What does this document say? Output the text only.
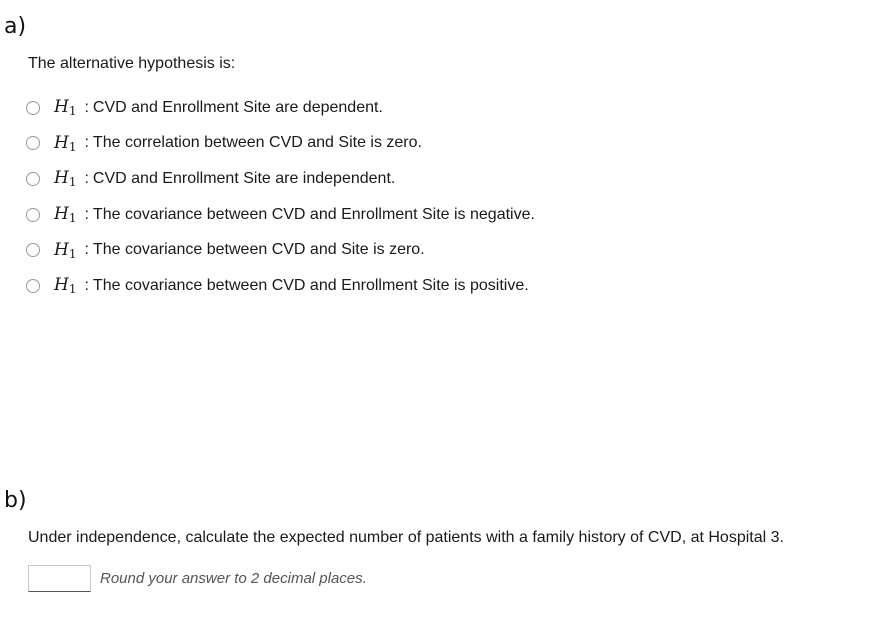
a)
The alternative hypothesis is:
$H_1$ : CVD and Enrollment Site are dependent.
$H_1$ : The correlation between CVD and Site is zero.
$H_1$ : CVD and Enrollment Site are independent.
$H_1$ : The covariance between CVD and Enrollment Site is negative.
$H_1$ : The covariance between CVD and Site is zero.
$H_1$ : The covariance between CVD and Enrollment Site is positive.
b)
Under independence, calculate the expected number of patients with a family history of CVD, at Hospital 3.
Round your answer to 2 decimal places.
